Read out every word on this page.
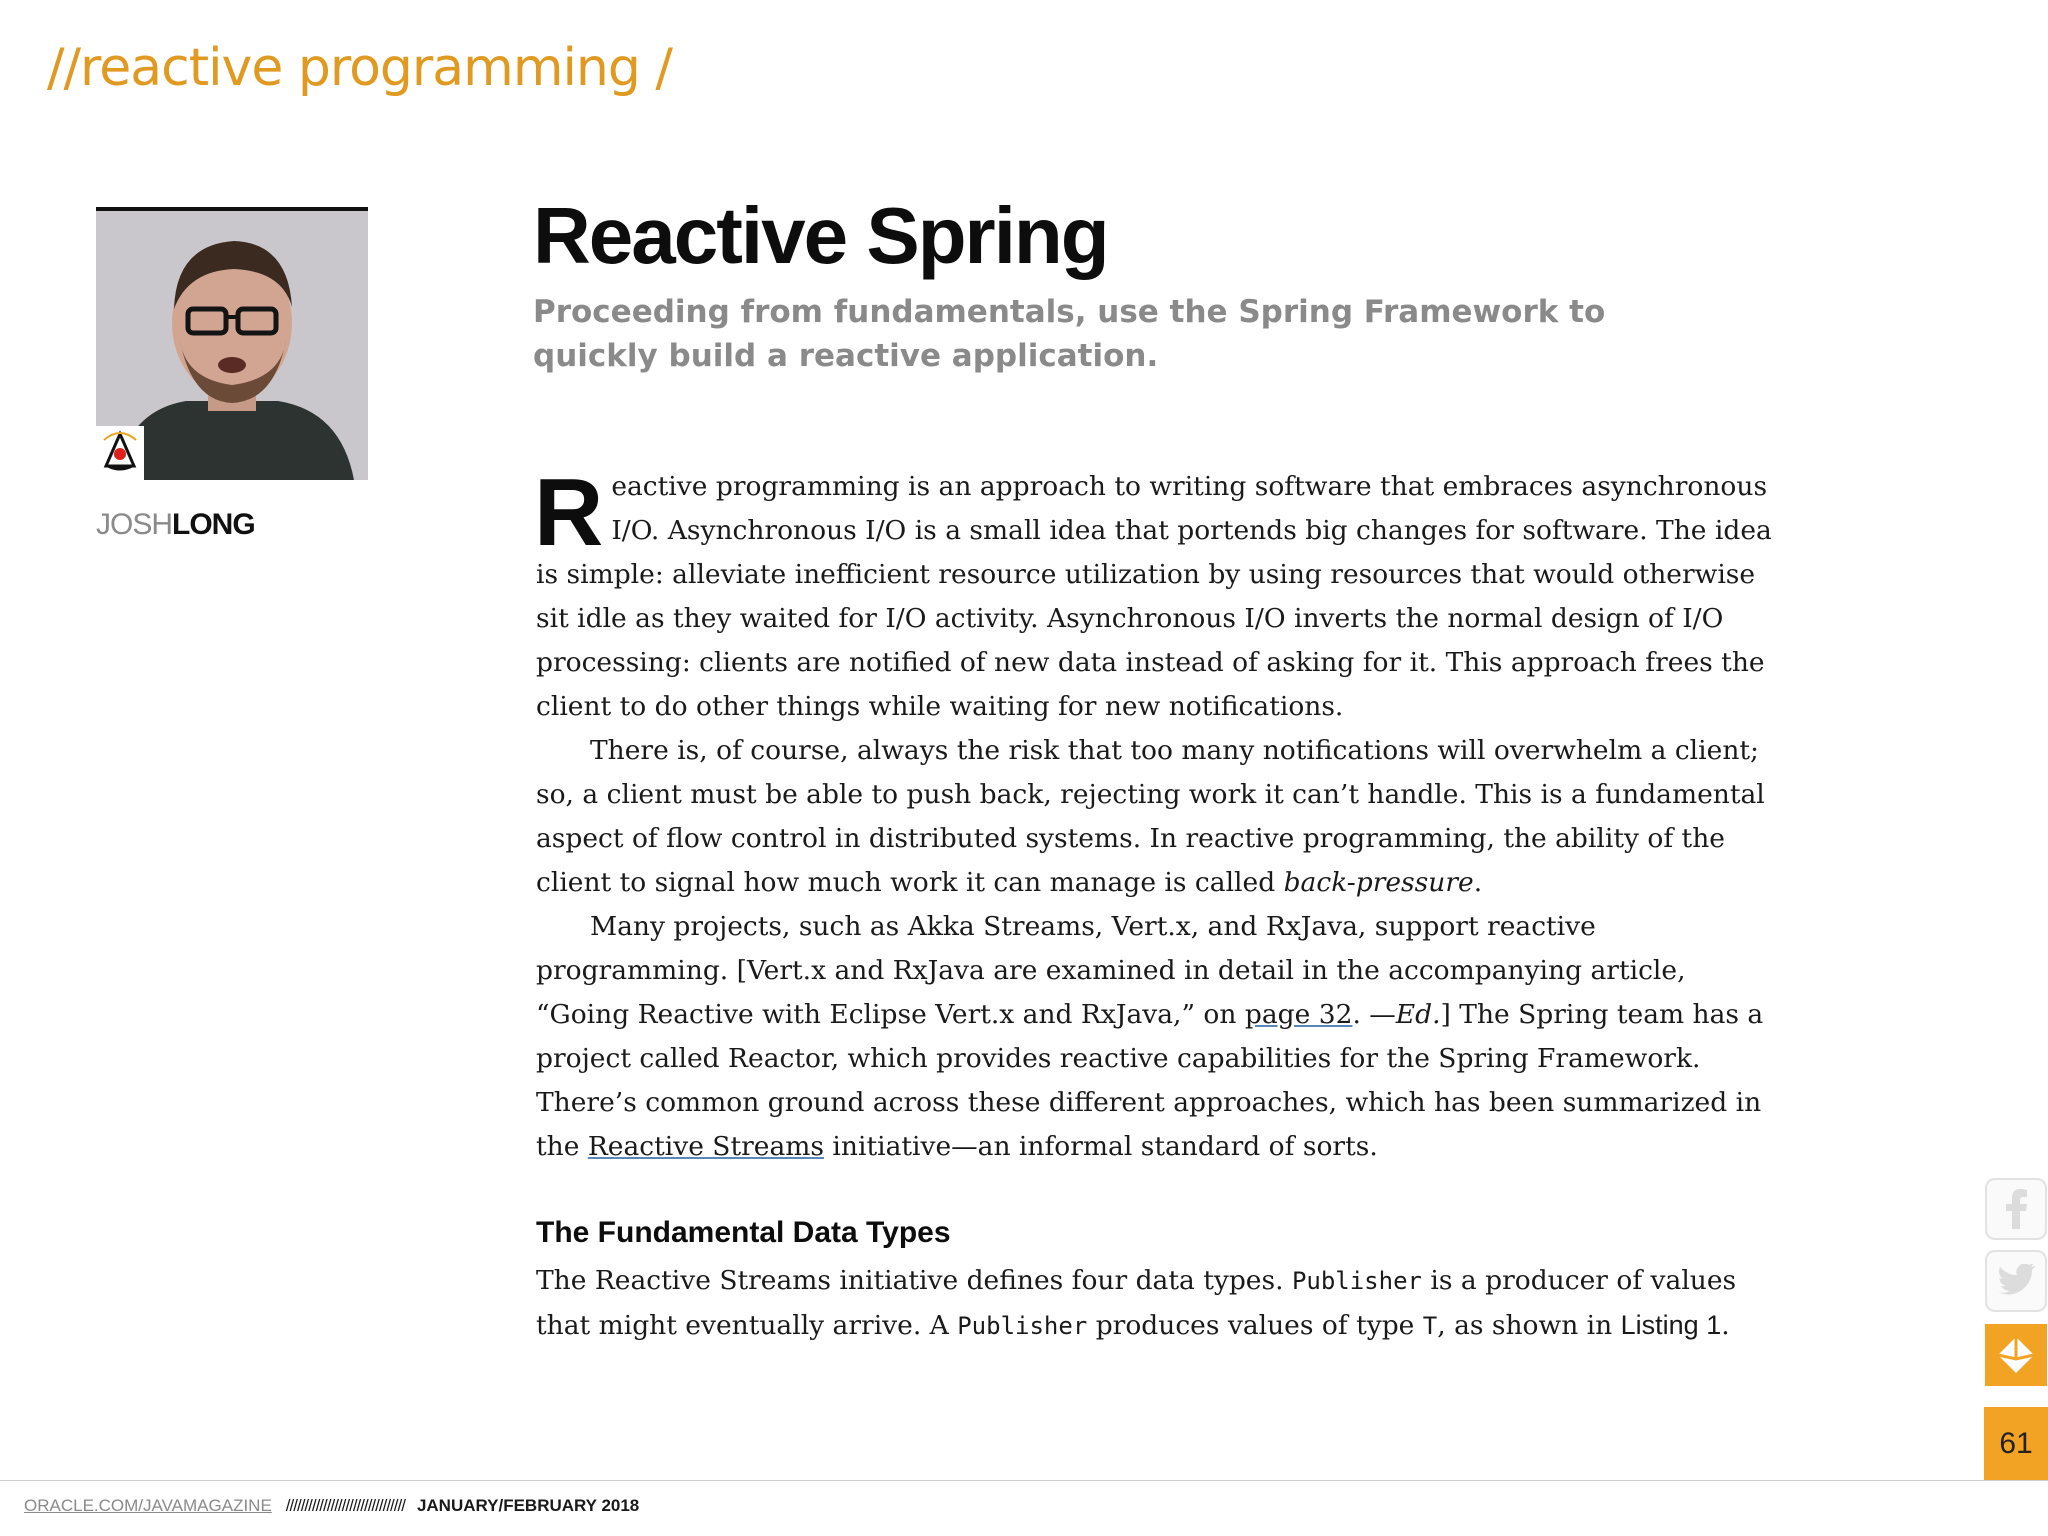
//reactive programming /
JOSHLONG
Reactive Spring

Proceeding from fundamentals, use the Spring Framework to quickly build a reactive application.

Reactive programming is an approach to writing software that embraces asynchronous I/O. Asynchronous I/O is a small idea that portends big changes for software. The idea is simple: alleviate inefficient resource utilization by using resources that would otherwise sit idle as they waited for I/O activity. Asynchronous I/O inverts the normal design of I/O processing: clients are notified of new data instead of asking for it. This approach frees the client to do other things while waiting for new notifications.

There is, of course, always the risk that too many notifications will overwhelm a client; so, a client must be able to push back, rejecting work it can’t handle. This is a fundamental aspect of flow control in distributed systems. In reactive programming, the ability of the client to signal how much work it can manage is called back-pressure.

Many projects, such as Akka Streams, Vert.x, and RxJava, support reactive programming. [Vert.x and RxJava are examined in detail in the accompanying article, “Going Reactive with Eclipse Vert.x and RxJava,” on page 32. —Ed.] The Spring team has a project called Reactor, which provides reactive capabilities for the Spring Framework. There’s common ground across these different approaches, which has been summarized in the Reactive Streams initiative—an informal standard of sorts.

The Fundamental Data Types

The Reactive Streams initiative defines four data types. Publisher is a producer of values that might eventually arrive. A Publisher produces values of type T, as shown in Listing 1.

61
ORACLE.COM/JAVAMAGAZINE //////////////////////////////// JANUARY/FEBRUARY 2018
